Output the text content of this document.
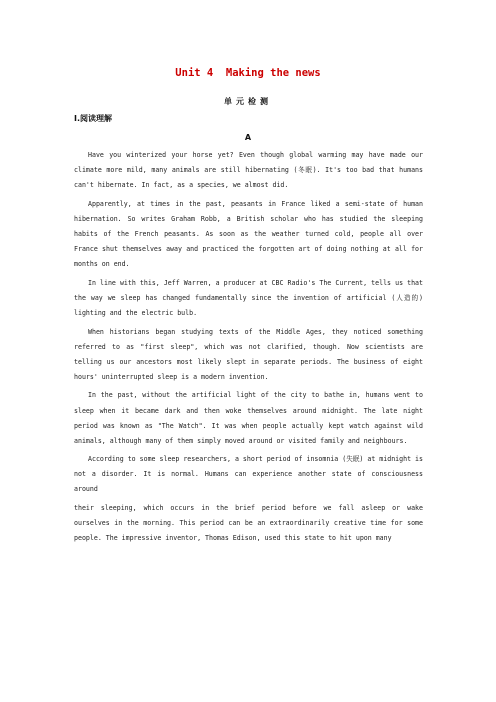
Unit 4  Making the news
单元检测
Ⅰ.阅读理解
A

Have you winterized your horse yet? Even though global warming may have made our climate more mild, many animals are still hibernating (冬眠). It's too bad that humans can't hibernate. In fact, as a species, we almost did.

Apparently, at times in the past, peasants in France liked a semi-state of human hibernation. So writes Graham Robb, a British scholar who has studied the sleeping habits of the French peasants. As soon as the weather turned cold, people all over France shut themselves away and practiced the forgotten art of doing nothing at all for months on end.

In line with this, Jeff Warren, a producer at CBC Radio's The Current, tells us that the way we sleep has changed fundamentally since the invention of artificial (人造的) lighting and the electric bulb.

When historians began studying texts of the Middle Ages, they noticed something referred to as "first sleep", which was not clarified, though. Now scientists are telling us our ancestors most likely slept in separate periods. The business of eight hours' uninterrupted sleep is a modern invention.

In the past, without the artificial light of the city to bathe in, humans went to sleep when it became dark and then woke themselves around midnight. The late night period was known as "The Watch". It was when people actually kept watch against wild animals, although many of them simply moved around or visited family and neighbours.

According to some sleep researchers, a short period of insomnia (失眠) at midnight is not a disorder. It is normal. Humans can experience another state of consciousness around

their sleeping, which occurs in the brief period before we fall asleep or wake ourselves in the morning. This period can be an extraordinarily creative time for some people. The impressive inventor, Thomas Edison, used this state to hit upon many
